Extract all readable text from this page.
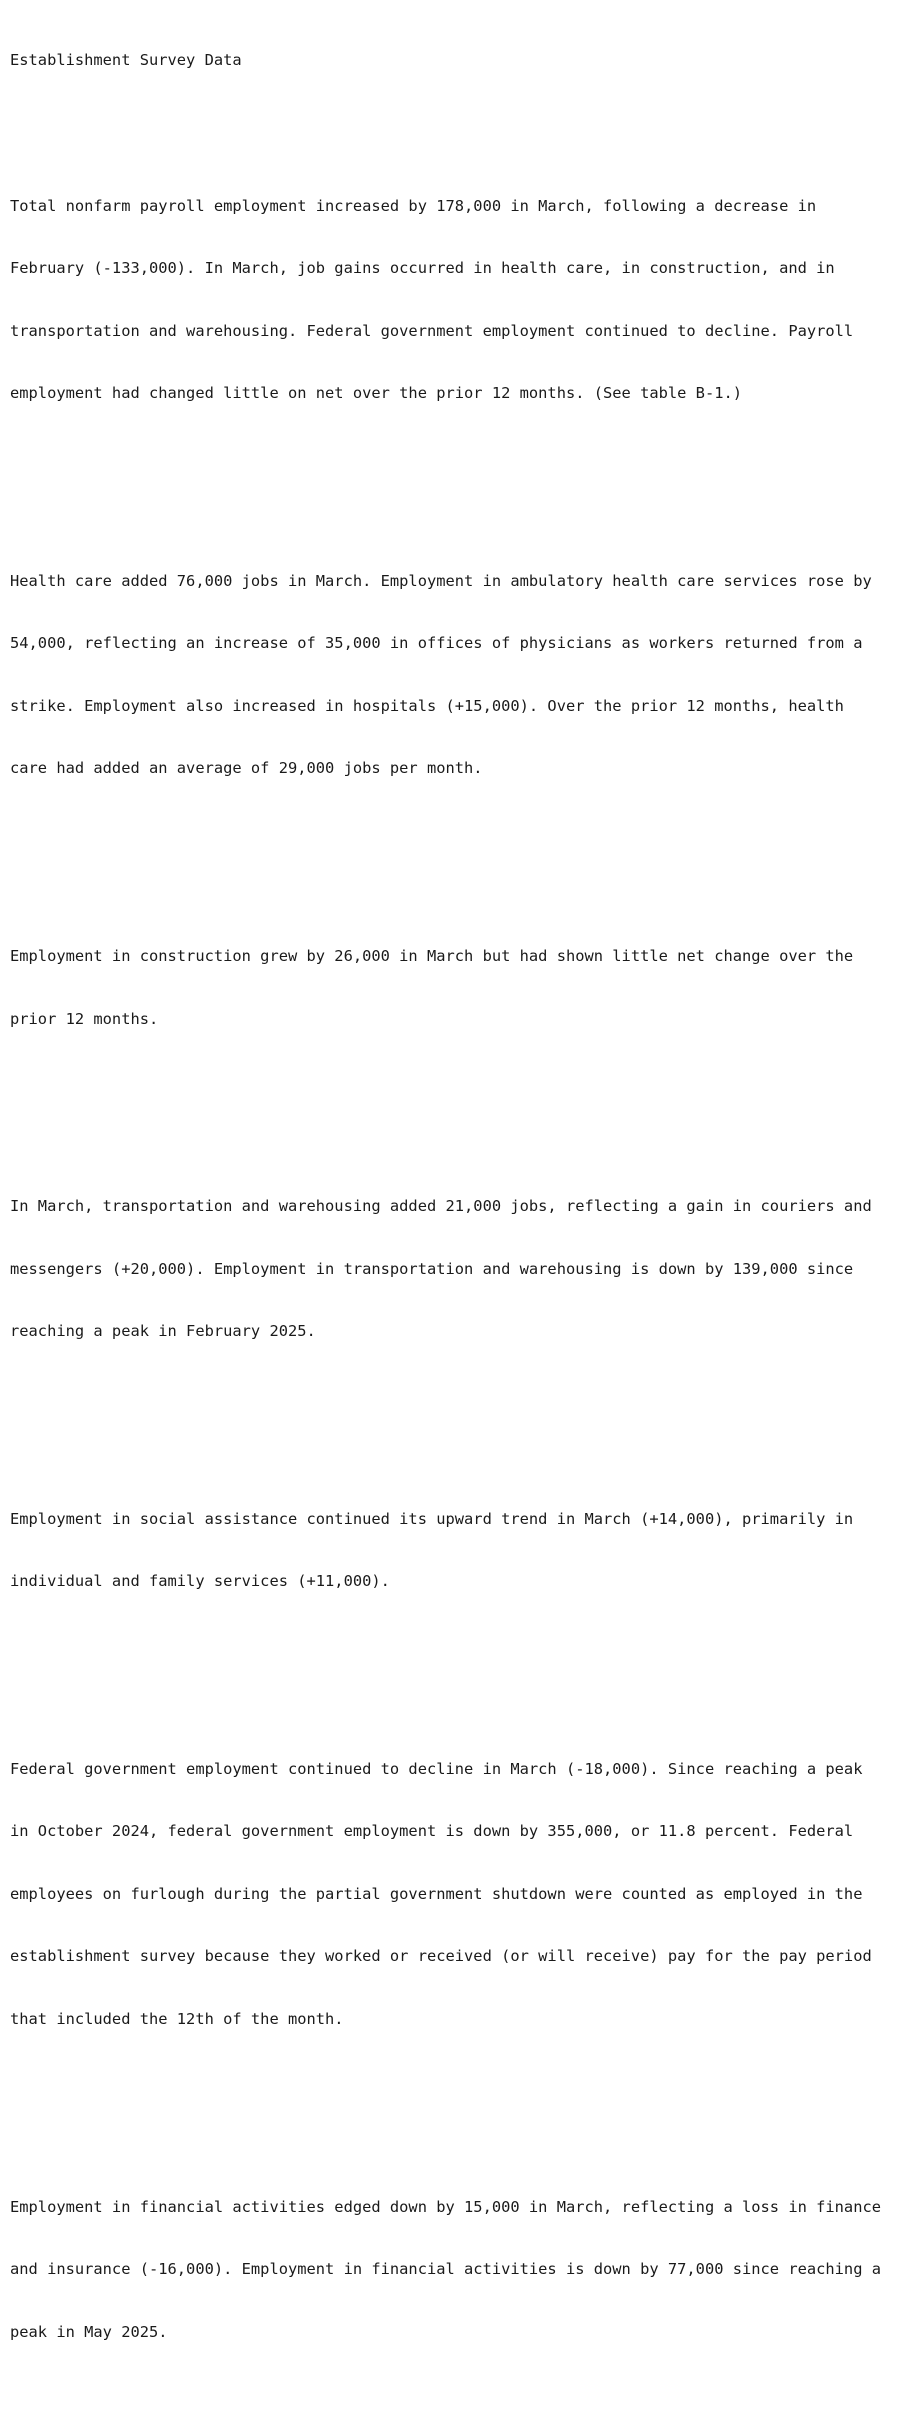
Establishment Survey Data

Total nonfarm payroll employment increased by 178,000 in March, following a decrease in

February (-133,000). In March, job gains occurred in health care, in construction, and in

transportation and warehousing. Federal government employment continued to decline. Payroll

employment had changed little on net over the prior 12 months. (See table B-1.)

Health care added 76,000 jobs in March. Employment in ambulatory health care services rose by

54,000, reflecting an increase of 35,000 in offices of physicians as workers returned from a

strike. Employment also increased in hospitals (+15,000). Over the prior 12 months, health

care had added an average of 29,000 jobs per month.

Employment in construction grew by 26,000 in March but had shown little net change over the

prior 12 months.

In March, transportation and warehousing added 21,000 jobs, reflecting a gain in couriers and

messengers (+20,000). Employment in transportation and warehousing is down by 139,000 since

reaching a peak in February 2025.

Employment in social assistance continued its upward trend in March (+14,000), primarily in

individual and family services (+11,000).

Federal government employment continued to decline in March (-18,000). Since reaching a peak

in October 2024, federal government employment is down by 355,000, or 11.8 percent. Federal

employees on furlough during the partial government shutdown were counted as employed in the

establishment survey because they worked or received (or will receive) pay for the pay period

that included the 12th of the month.

Employment in financial activities edged down by 15,000 in March, reflecting a loss in finance

and insurance (-16,000). Employment in financial activities is down by 77,000 since reaching a

peak in May 2025.
